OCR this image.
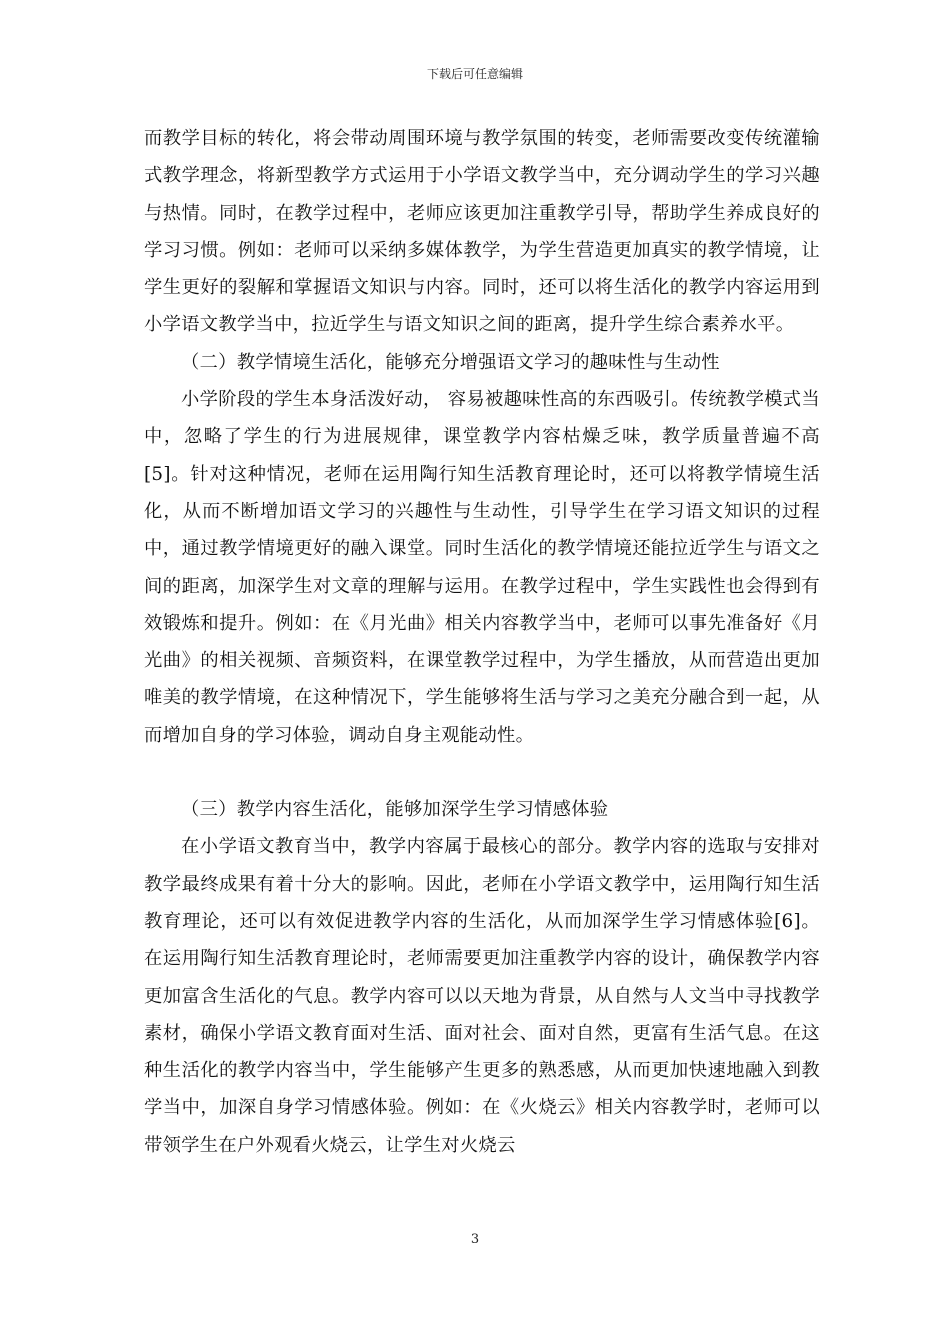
下载后可任意编辑

而教学目标的转化，将会带动周围环境与教学氛围的转变，老师需要改变传统灌输式教学理念，将新型教学方式运用于小学语文教学当中，充分调动学生的学习兴趣与热情。同时，在教学过程中，老师应该更加注重教学引导，帮助学生养成良好的学习习惯。例如：老师可以采纳多媒体教学，为学生营造更加真实的教学情境，让学生更好的裂解和掌握语文知识与内容。同时，还可以将生活化的教学内容运用到小学语文教学当中，拉近学生与语文知识之间的距离，提升学生综合素养水平。

（二）教学情境生活化，能够充分增强语文学习的趣味性与生动性

小学阶段的学生本身活泼好动， 容易被趣味性高的东西吸引。传统教学模式当中，忽略了学生的行为进展规律，课堂教学内容枯燥乏味，教学质量普遍不高[5]。针对这种情况，老师在运用陶行知生活教育理论时，还可以将教学情境生活化，从而不断增加语文学习的兴趣性与生动性，引导学生在学习语文知识的过程中，通过教学情境更好的融入课堂。同时生活化的教学情境还能拉近学生与语文之间的距离，加深学生对文章的理解与运用。在教学过程中，学生实践性也会得到有效锻炼和提升。例如：在《月光曲》相关内容教学当中，老师可以事先准备好《月光曲》的相关视频、音频资料，在课堂教学过程中，为学生播放，从而营造出更加唯美的教学情境，在这种情况下，学生能够将生活与学习之美充分融合到一起，从而增加自身的学习体验，调动自身主观能动性。

（三）教学内容生活化，能够加深学生学习情感体验

在小学语文教育当中，教学内容属于最核心的部分。教学内容的选取与安排对教学最终成果有着十分大的影响。因此，老师在小学语文教学中，运用陶行知生活教育理论，还可以有效促进教学内容的生活化，从而加深学生学习情感体验[6]。在运用陶行知生活教育理论时，老师需要更加注重教学内容的设计，确保教学内容更加富含生活化的气息。教学内容可以以天地为背景，从自然与人文当中寻找教学素材，确保小学语文教育面对生活、面对社会、面对自然，更富有生活气息。在这种生活化的教学内容当中，学生能够产生更多的熟悉感，从而更加快速地融入到教学当中，加深自身学习情感体验。例如：在《火烧云》相关内容教学时，老师可以带领学生在户外观看火烧云，让学生对火烧云

3
